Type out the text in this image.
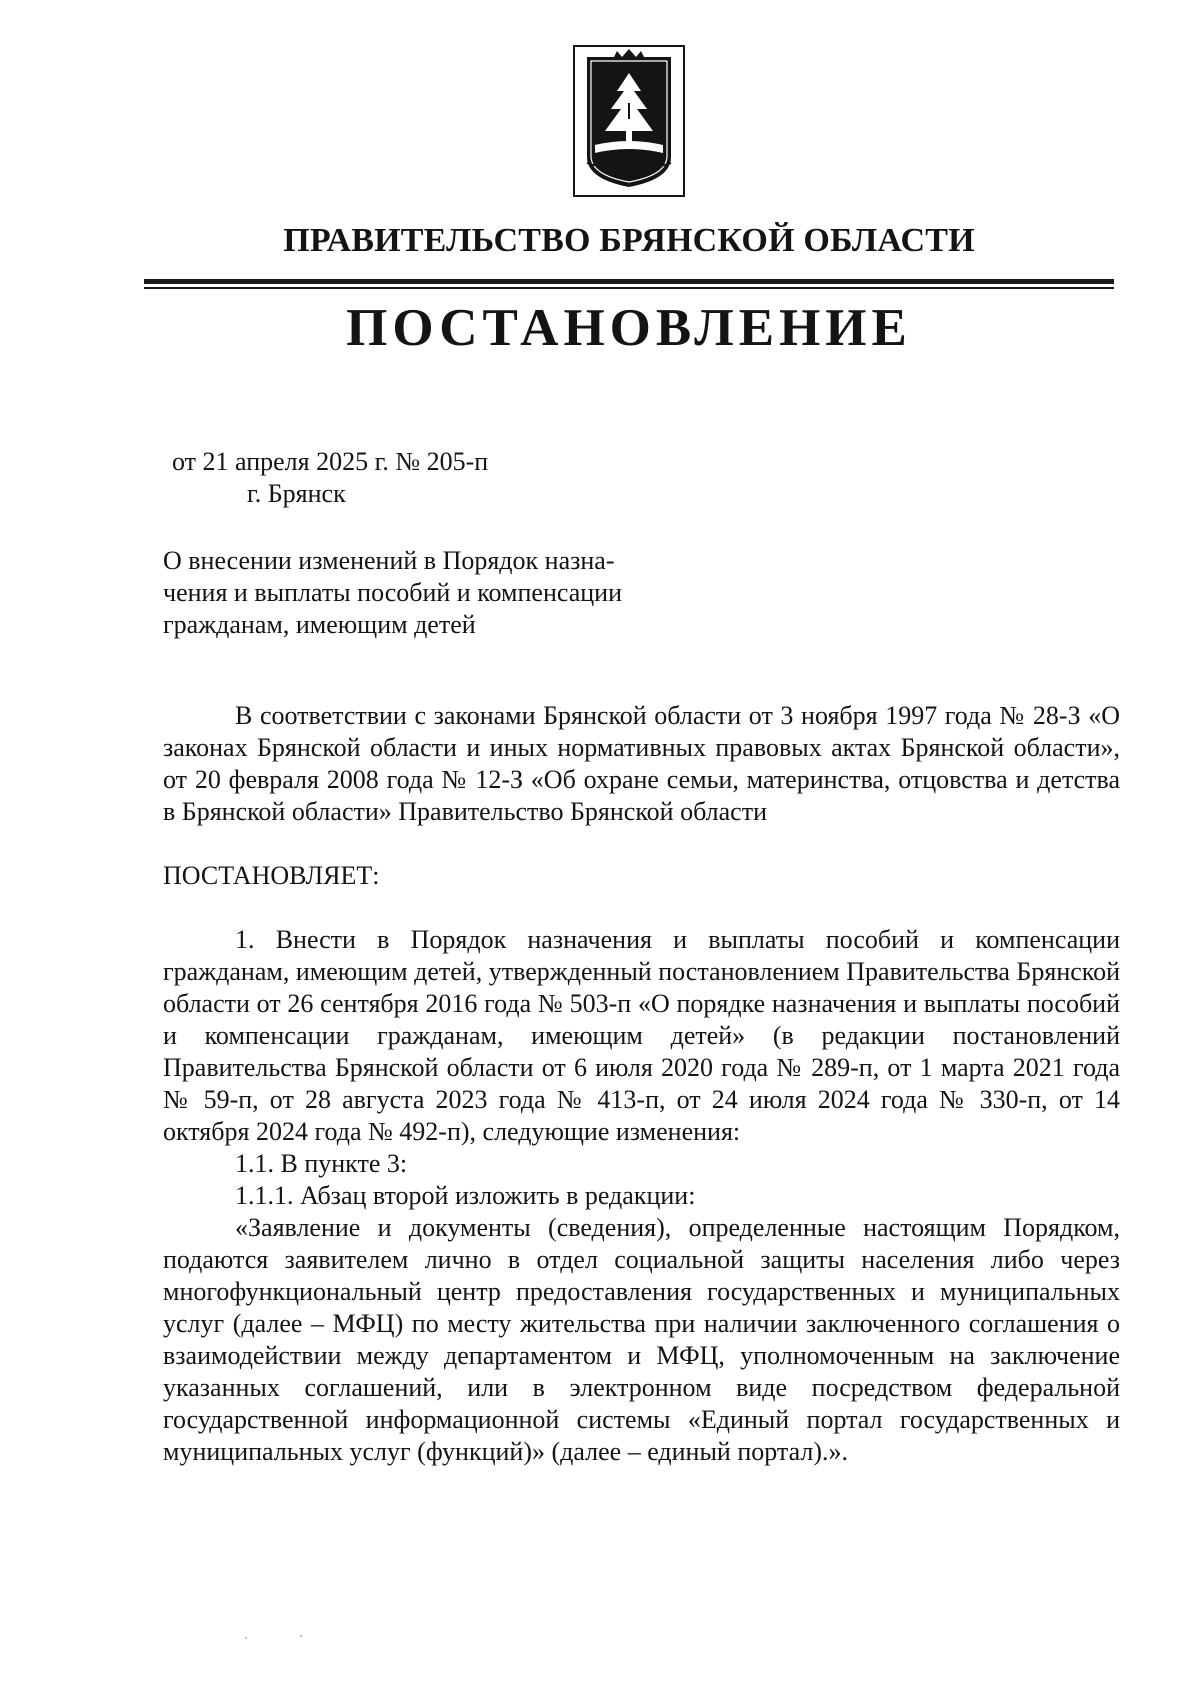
ПРАВИТЕЛЬСТВО БРЯНСКОЙ ОБЛАСТИ
ПОСТАНОВЛЕНИЕ

от 21 апреля 2025 г. № 205-п

г. Брянск

О внесении изменений в Порядок назна-
чения и выплаты пособий и компенсации
гражданам, имеющим детей

В соответствии с законами Брянской области от 3 ноября 1997 года № 28-З «О законах Брянской области и иных нормативных правовых актах Брянской области», от 20 февраля 2008 года № 12-З «Об охране семьи, материнства, отцовства и детства в Брянской области» Правительство Брянской области

ПОСТАНОВЛЯЕТ:

1. Внести в Порядок назначения и выплаты пособий и компенсации гражданам, имеющим детей, утвержденный постановлением Правительства Брянской области от 26 сентября 2016 года № 503-п «О порядке назначения и выплаты пособий и компенсации гражданам, имеющим детей» (в редакции постановлений Правительства Брянской области от 6 июля 2020 года № 289-п, от 1 марта 2021 года № 59-п, от 28 августа 2023 года № 413-п, от 24 июля 2024 года № 330-п, от 14 октября 2024 года № 492-п), следующие изменения:

1.1. В пункте 3:

1.1.1. Абзац второй изложить в редакции:

«Заявление и документы (сведения), определенные настоящим Порядком, подаются заявителем лично в отдел социальной защиты населения либо через многофункциональный центр предоставления государственных и муниципальных услуг (далее – МФЦ) по месту жительства при наличии заключенного соглашения о взаимодействии между департаментом и МФЦ, уполномоченным на заключение указанных соглашений, или в электронном виде посредством федеральной государственной информационной системы «Единый портал государственных и муниципальных услуг (функций)» (далее – единый портал).».
